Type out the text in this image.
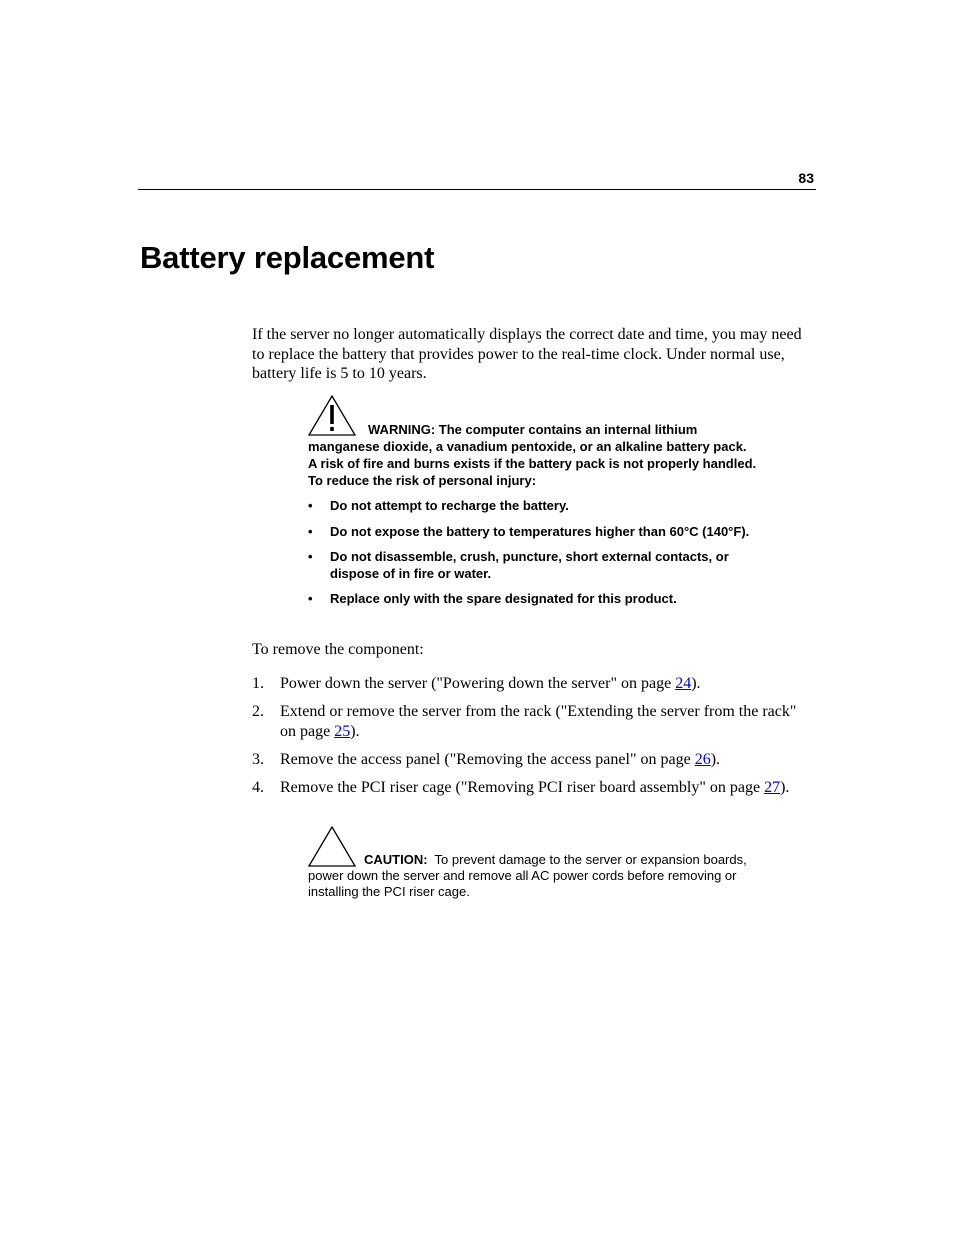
83
Battery replacement

If the server no longer automatically displays the correct date and time, you may need to replace the battery that provides power to the real-time clock. Under normal use, battery life is 5 to 10 years.

WARNING: The computer contains an internal lithium manganese dioxide, a vanadium pentoxide, or an alkaline battery pack. A risk of fire and burns exists if the battery pack is not properly handled. To reduce the risk of personal injury:
• Do not attempt to recharge the battery.
• Do not expose the battery to temperatures higher than 60°C (140°F).
• Do not disassemble, crush, puncture, short external contacts, or dispose of in fire or water.
• Replace only with the spare designated for this product.

To remove the component:

1. Power down the server ("Powering down the server" on page 24).
2. Extend or remove the server from the rack ("Extending the server from the rack" on page 25).
3. Remove the access panel ("Removing the access panel" on page 26).
4. Remove the PCI riser cage ("Removing PCI riser board assembly" on page 27).
CAUTION: To prevent damage to the server or expansion boards, power down the server and remove all AC power cords before removing or installing the PCI riser cage.
